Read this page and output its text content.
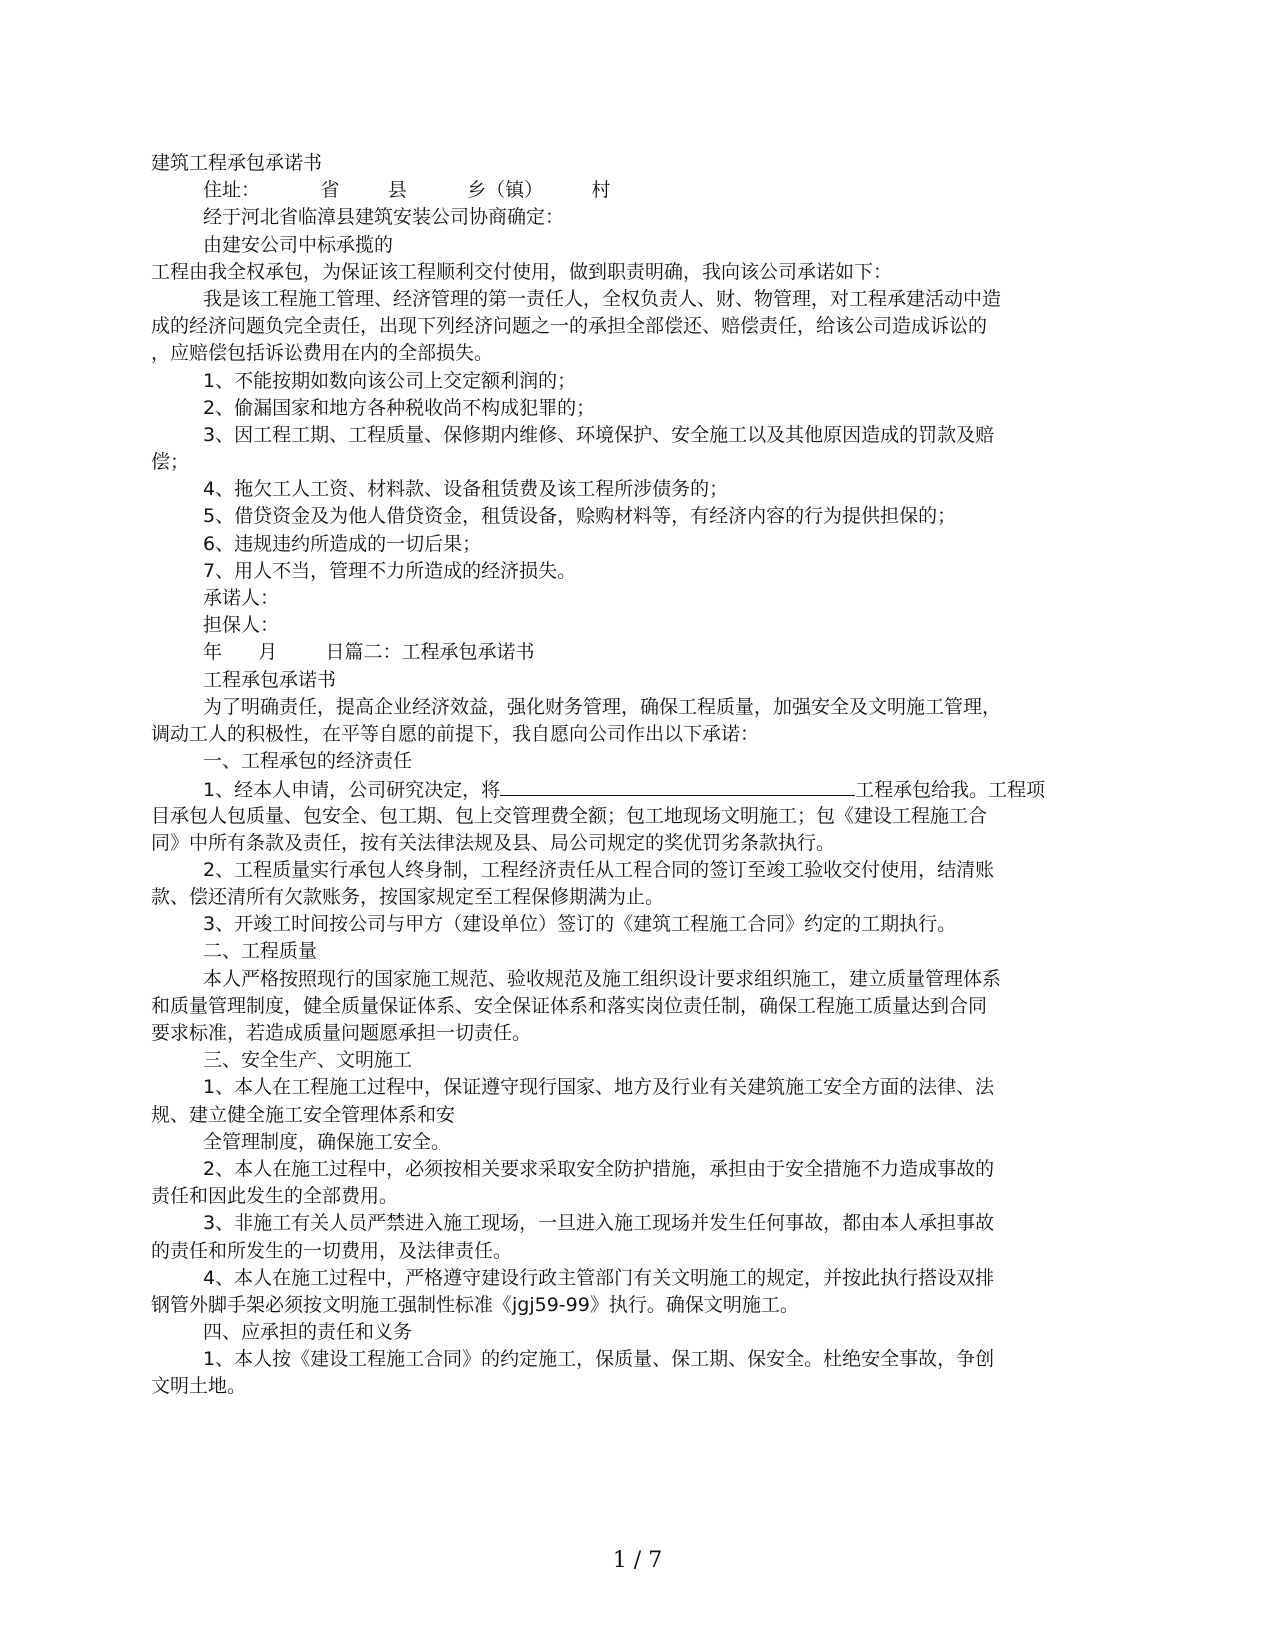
建筑工程承包承诺书
住址：          省        县          乡（镇）        村
经于河北省临漳县建筑安装公司协商确定：
由建安公司中标承揽的
工程由我全权承包，为保证该工程顺利交付使用，做到职责明确，我向该公司承诺如下：
我是该工程施工管理、经济管理的第一责任人，全权负责人、财、物管理，对工程承建活动中造
成的经济问题负完全责任，出现下列经济问题之一的承担全部偿还、赔偿责任，给该公司造成诉讼的
，应赔偿包括诉讼费用在内的全部损失。
1、不能按期如数向该公司上交定额利润的；
2、偷漏国家和地方各种税收尚不构成犯罪的；
3、因工程工期、工程质量、保修期内维修、环境保护、安全施工以及其他原因造成的罚款及赔
偿；
4、拖欠工人工资、材料款、设备租赁费及该工程所涉债务的；
5、借贷资金及为他人借贷资金，租赁设备，赊购材料等，有经济内容的行为提供担保的；
6、违规违约所造成的一切后果；
7、用人不当，管理不力所造成的经济损失。
承诺人：
担保人：
年      月        日篇二：工程承包承诺书
工程承包承诺书
为了明确责任，提高企业经济效益，强化财务管理，确保工程质量，加强安全及文明施工管理，
调动工人的积极性，在平等自愿的前提下，我自愿向公司作出以下承诺：
一、工程承包的经济责任
1、经本人申请，公司研究决定，将	工程承包给我。工程项
目承包人包质量、包安全、包工期、包上交管理费全额；包工地现场文明施工；包《建设工程施工合
同》中所有条款及责任，按有关法律法规及县、局公司规定的奖优罚劣条款执行。
2、工程质量实行承包人终身制，工程经济责任从工程合同的签订至竣工验收交付使用，结清账
款、偿还清所有欠款账务，按国家规定至工程保修期满为止。
3、开竣工时间按公司与甲方（建设单位）签订的《建筑工程施工合同》约定的工期执行。
二、工程质量
本人严格按照现行的国家施工规范、验收规范及施工组织设计要求组织施工，建立质量管理体系
和质量管理制度，健全质量保证体系、安全保证体系和落实岗位责任制，确保工程施工质量达到合同
要求标准，若造成质量问题愿承担一切责任。
三、安全生产、文明施工
1、本人在工程施工过程中，保证遵守现行国家、地方及行业有关建筑施工安全方面的法律、法
规、建立健全施工安全管理体系和安
全管理制度，确保施工安全。
2、本人在施工过程中，必须按相关要求采取安全防护措施，承担由于安全措施不力造成事故的
责任和因此发生的全部费用。
3、非施工有关人员严禁进入施工现场，一旦进入施工现场并发生任何事故，都由本人承担事故
的责任和所发生的一切费用，及法律责任。
4、本人在施工过程中，严格遵守建设行政主管部门有关文明施工的规定，并按此执行搭设双排
钢管外脚手架必须按文明施工强制性标准《jgj59-99》执行。确保文明施工。
四、应承担的责任和义务
1、本人按《建设工程施工合同》的约定施工，保质量、保工期、保安全。杜绝安全事故，争创
文明土地。
1 / 7
